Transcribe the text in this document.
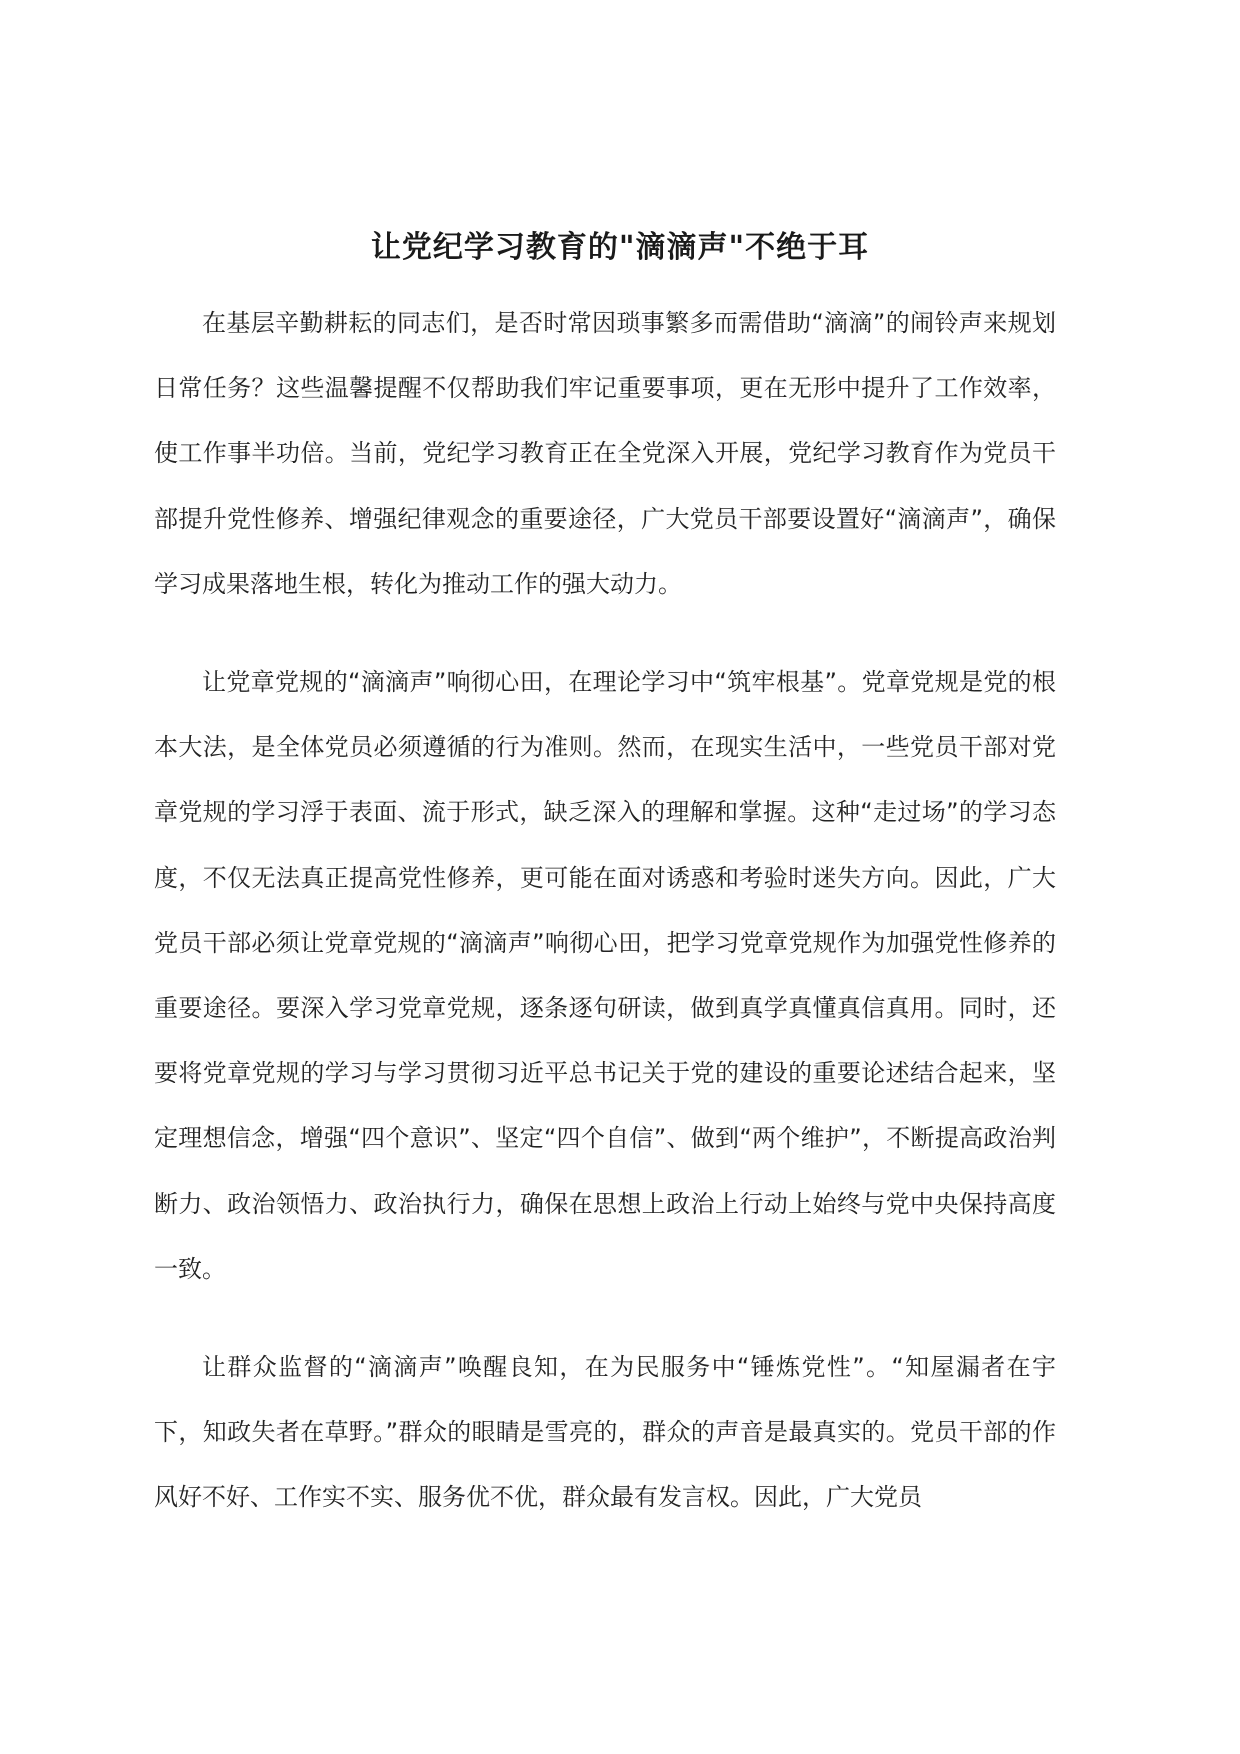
让党纪学习教育的"滴滴声"不绝于耳

在基层辛勤耕耘的同志们，是否时常因琐事繁多而需借助“滴滴”的闹铃声来规划日常任务？这些温馨提醒不仅帮助我们牢记重要事项，更在无形中提升了工作效率，使工作事半功倍。当前，党纪学习教育正在全党深入开展，党纪学习教育作为党员干部提升党性修养、增强纪律观念的重要途径，广大党员干部要设置好“滴滴声”，确保学习成果落地生根，转化为推动工作的强大动力。

让党章党规的“滴滴声”响彻心田，在理论学习中“筑牢根基”。党章党规是党的根本大法，是全体党员必须遵循的行为准则。然而，在现实生活中，一些党员干部对党章党规的学习浮于表面、流于形式，缺乏深入的理解和掌握。这种“走过场”的学习态度，不仅无法真正提高党性修养，更可能在面对诱惑和考验时迷失方向。因此，广大党员干部必须让党章党规的“滴滴声”响彻心田，把学习党章党规作为加强党性修养的重要途径。要深入学习党章党规，逐条逐句研读，做到真学真懂真信真用。同时，还要将党章党规的学习与学习贯彻习近平总书记关于党的建设的重要论述结合起来，坚定理想信念，增强“四个意识”、坚定“四个自信”、做到“两个维护”，不断提高政治判断力、政治领悟力、政治执行力，确保在思想上政治上行动上始终与党中央保持高度一致。

让群众监督的“滴滴声”唤醒良知，在为民服务中“锤炼党性”。“知屋漏者在宇下，知政失者在草野。”群众的眼睛是雪亮的，群众的声音是最真实的。党员干部的作风好不好、工作实不实、服务优不优，群众最有发言权。因此，广大党员
